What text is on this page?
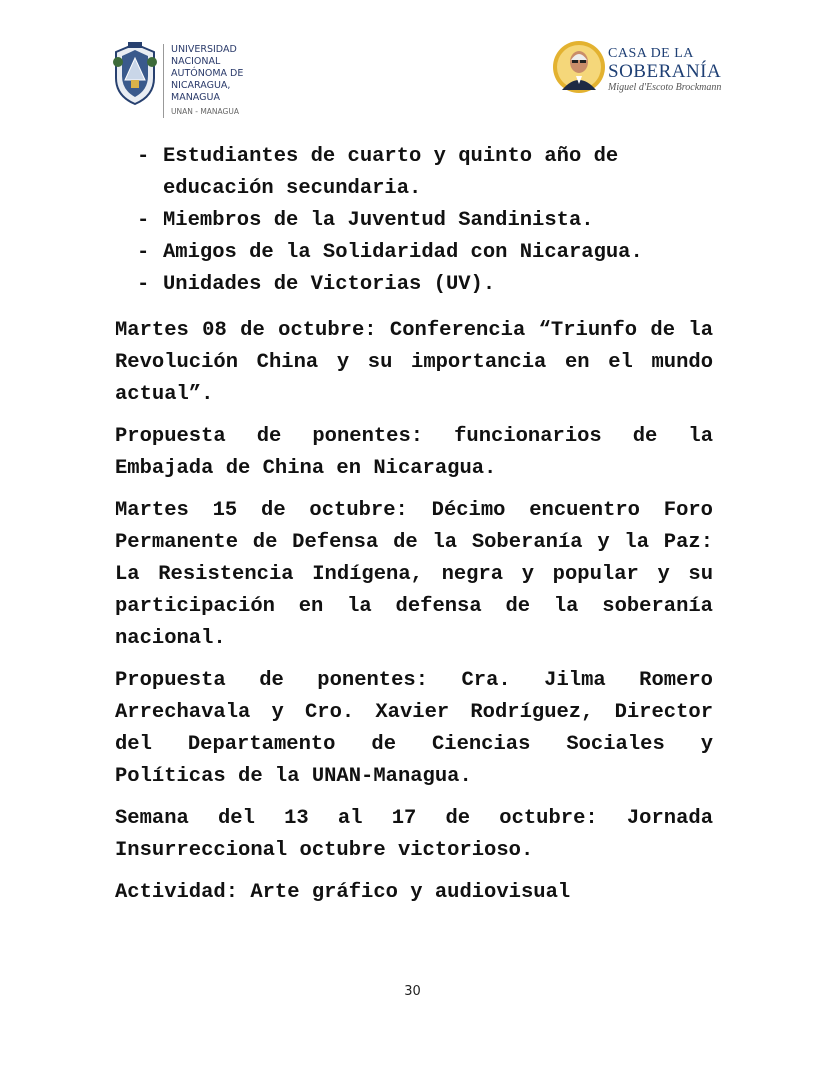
UNIVERSIDAD
NACIONAL
AUTÓNOMA DE
NICARAGUA,
MANAGUA
UNAN - MANAGUA
CASA DE LA
SOBERANÍA
Miguel d'Escoto Brockmann
- Estudiantes de cuarto y quinto año de educación secundaria.
- Miembros de la Juventud Sandinista.
- Amigos de la Solidaridad con Nicaragua.
- Unidades de Victorias (UV).

Martes 08 de octubre: Conferencia “Triunfo de la Revolución China y su importancia en el mundo actual”.

Propuesta de ponentes: funcionarios de la Embajada de China en Nicaragua.

Martes 15 de octubre: Décimo encuentro Foro Permanente de Defensa de la Soberanía y la Paz: La Resistencia Indígena, negra y popular y su participación en la defensa de la soberanía nacional.

Propuesta de ponentes: Cra. Jilma Romero Arrechavala y Cro. Xavier Rodríguez, Director del Departamento de Ciencias Sociales y Políticas de la UNAN-Managua.

Semana del 13 al 17 de octubre: Jornada Insurreccional octubre victorioso.

Actividad: Arte gráfico y audiovisual

30
